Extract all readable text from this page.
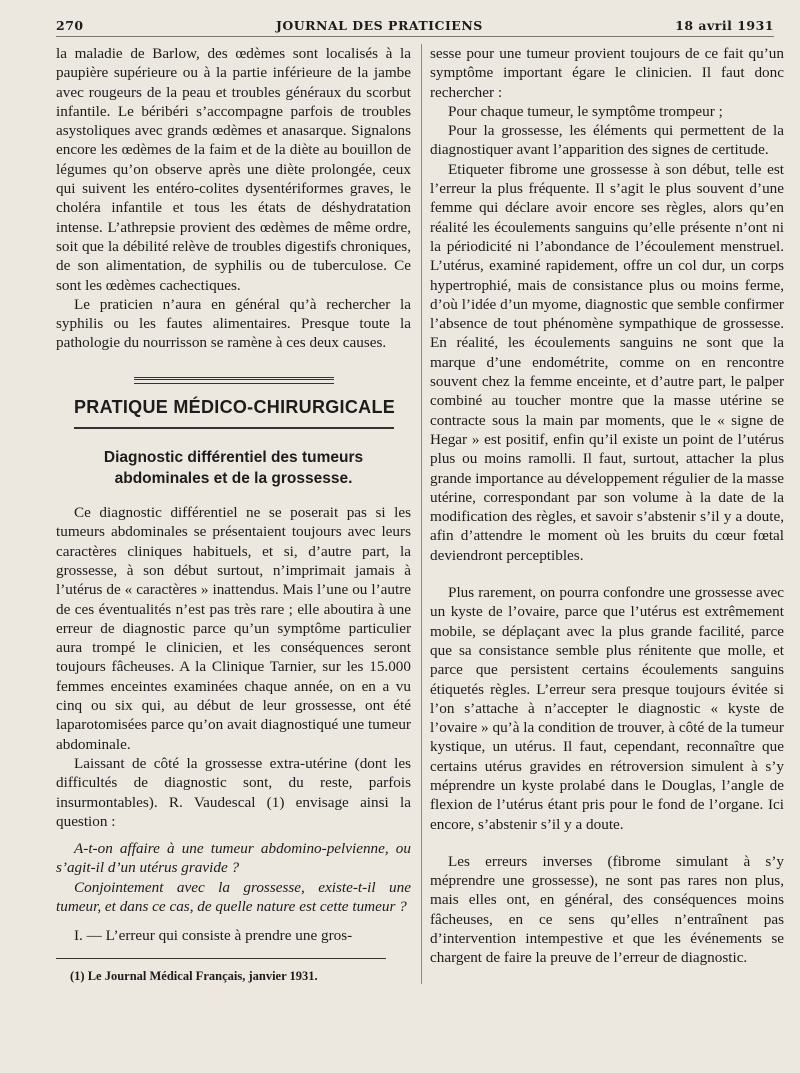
270	JOURNAL DES PRATICIENS	18 avril 1931

la maladie de Barlow, des œdèmes sont localisés à la paupière supérieure ou à la partie inférieure de la jambe avec rougeurs de la peau et troubles généraux du scorbut infantile. Le béribéri s’accompagne parfois de troubles asystoliques avec grands œdèmes et anasarque. Signalons encore les œdèmes de la faim et de la diète au bouillon de légumes qu’on observe après une diète prolongée, ceux qui suivent les entéro-colites dysentériformes graves, le choléra infantile et tous les états de déshydratation intense. L’athrepsie provient des œdèmes de même ordre, soit que la débilité relève de troubles digestifs chroniques, de son alimentation, de syphilis ou de tuberculose. Ce sont les œdèmes cachectiques.

Le praticien n’aura en général qu’à rechercher la syphilis ou les fautes alimentaires. Presque toute la pathologie du nourrisson se ramène à ces deux causes.

PRATIQUE MÉDICO-CHIRURGICALE
Diagnostic différentiel des tumeurs abdominales et de la grossesse.

Ce diagnostic différentiel ne se poserait pas si les tumeurs abdominales se présentaient toujours avec leurs caractères cliniques habituels, et si, d’autre part, la grossesse, à son début surtout, n’imprimait jamais à l’utérus de « caractères » inattendus. Mais l’une ou l’autre de ces éventualités n’est pas très rare ; elle aboutira à une erreur de diagnostic parce qu’un symptôme particulier aura trompé le clinicien, et les conséquences seront toujours fâcheuses. A la Clinique Tarnier, sur les 15.000 femmes enceintes examinées chaque année, on en a vu cinq ou six qui, au début de leur grossesse, ont été laparotomisées parce qu’on avait diagnostiqué une tumeur abdominale.

Laissant de côté la grossesse extra-utérine (dont les difficultés de diagnostic sont, du reste, parfois insurmontables). R. Vaudescal (1) envisage ainsi la question :

A-t-on affaire à une tumeur abdomino-pelvienne, ou s’agit-il d’un utérus gravide ?

Conjointement avec la grossesse, existe-t-il une tumeur, et dans ce cas, de quelle nature est cette tumeur ?

I. — L’erreur qui consiste à prendre une gros-

(1) Le Journal Médical Français, janvier 1931.

sesse pour une tumeur provient toujours de ce fait qu’un symptôme important égare le clinicien. Il faut donc rechercher :

Pour chaque tumeur, le symptôme trompeur ;

Pour la grossesse, les éléments qui permettent de la diagnostiquer avant l’apparition des signes de certitude.

Etiqueter fibrome une grossesse à son début, telle est l’erreur la plus fréquente. Il s’agit le plus souvent d’une femme qui déclare avoir encore ses règles, alors qu’en réalité les écoulements sanguins qu’elle présente n’ont ni la périodicité ni l’abondance de l’écoulement menstruel. L’utérus, examiné rapidement, offre un col dur, un corps hypertrophié, mais de consistance plus ou moins ferme, d’où l’idée d’un myome, diagnostic que semble confirmer l’absence de tout phénomène sympathique de grossesse. En réalité, les écoulements sanguins ne sont que la marque d’une endométrite, comme on en rencontre souvent chez la femme enceinte, et d’autre part, le palper combiné au toucher montre que la masse utérine se contracte sous la main par moments, que le « signe de Hegar » est positif, enfin qu’il existe un point de l’utérus plus ou moins ramolli. Il faut, surtout, attacher la plus grande importance au développement régulier de la masse utérine, correspondant par son volume à la date de la modification des règles, et savoir s’abstenir s’il y a doute, afin d’attendre le moment où les bruits du cœur fœtal deviendront perceptibles.

Plus rarement, on pourra confondre une grossesse avec un kyste de l’ovaire, parce que l’utérus est extrêmement mobile, se déplaçant avec la plus grande facilité, parce que sa consistance semble plus rénitente que molle, et parce que persistent certains écoulements sanguins étiquetés règles. L’erreur sera presque toujours évitée si l’on s’attache à n’accepter le diagnostic « kyste de l’ovaire » qu’à la condition de trouver, à côté de la tumeur kystique, un utérus. Il faut, cependant, reconnaître que certains utérus gravides en rétroversion simulent à s’y méprendre un kyste prolabé dans le Douglas, l’angle de flexion de l’utérus étant pris pour le fond de l’organe. Ici encore, s’abstenir s’il y a doute.

Les erreurs inverses (fibrome simulant à s’y méprendre une grossesse), ne sont pas rares non plus, mais elles ont, en général, des conséquences moins fâcheuses, en ce sens qu’elles n’entraînent pas d’intervention intempestive et que les événements se chargent de faire la preuve de l’erreur de diagnostic.
